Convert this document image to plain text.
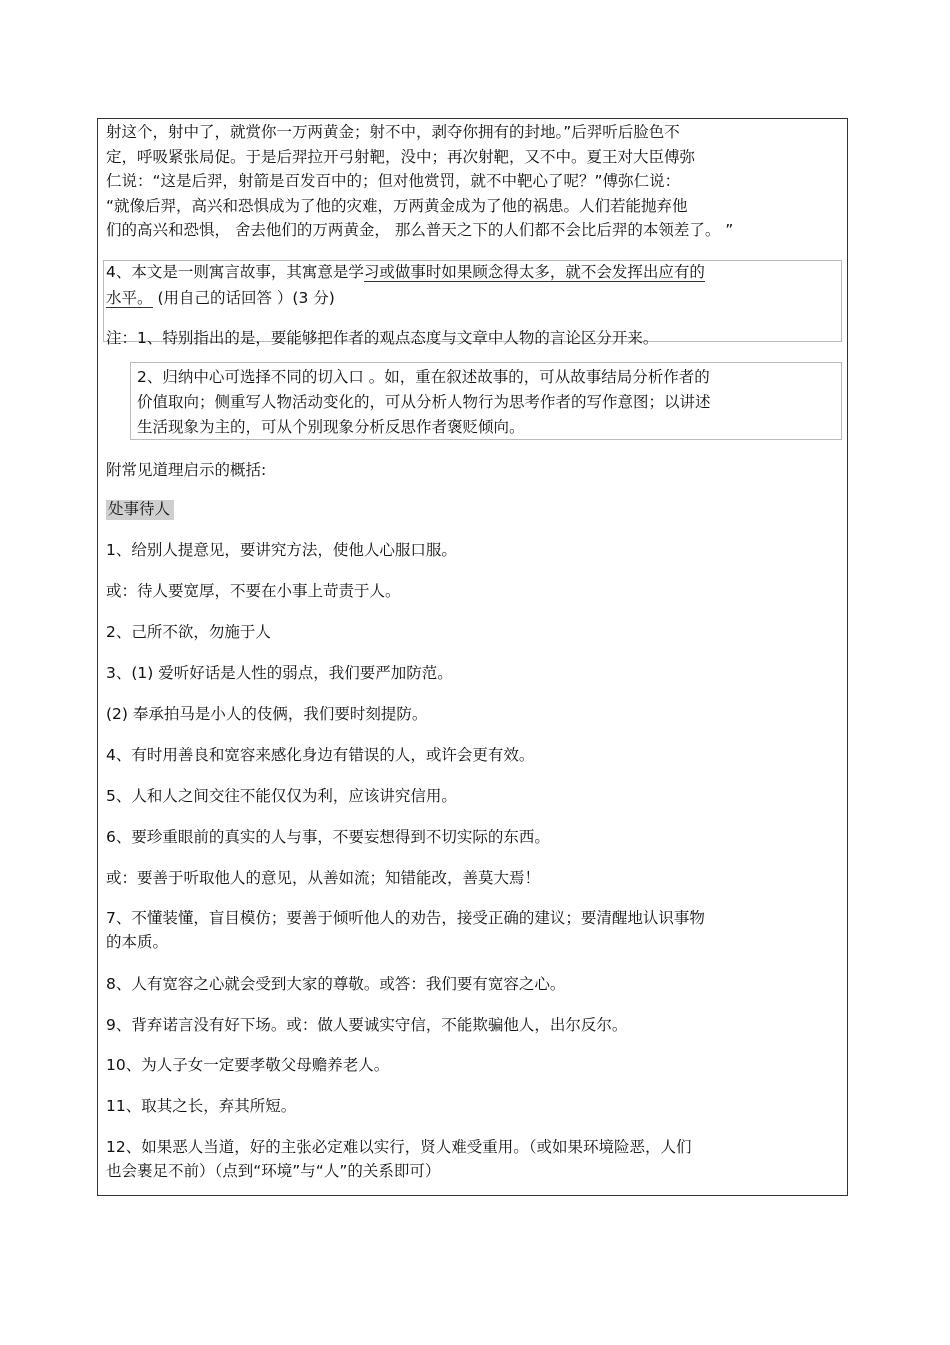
射这个，射中了，就赏你一万两黄金；射不中，剥夺你拥有的封地。”后羿听后脸色不
定，呼吸紧张局促。于是后羿拉开弓射靶，没中；再次射靶，又不中。夏王对大臣傅弥
仁说：“这是后羿，射箭是百发百中的；但对他赏罚，就不中靶心了呢？”傅弥仁说：
“就像后羿，高兴和恐惧成为了他的灾难，万两黄金成为了他的祸患。人们若能抛弃他
们的高兴和恐惧， 舍去他们的万两黄金， 那么普天之下的人们都不会比后羿的本领差了。 ”
4、本文是一则寓言故事，其寓意是学习或做事时如果顾念得太多，就不会发挥出应有的
水平。 (用自己的话回答 ）(3 分)
注：1、特别指出的是，要能够把作者的观点态度与文章中人物的言论区分开来。
2、归纳中心可选择不同的切入口 。如，重在叙述故事的，可从故事结局分析作者的
价值取向；侧重写人物活动变化的，可从分析人物行为思考作者的写作意图；以讲述
生活现象为主的，可从个别现象分析反思作者褒贬倾向。
附常见道理启示的概括:
处事待人
1、给别人提意见，要讲究方法，使他人心服口服。
或：待人要宽厚，不要在小事上苛责于人。
2、己所不欲，勿施于人
3、(1) 爱听好话是人性的弱点，我们要严加防范。
(2) 奉承拍马是小人的伎俩，我们要时刻提防。
4、有时用善良和宽容来感化身边有错误的人，或许会更有效。
5、人和人之间交往不能仅仅为利，应该讲究信用。
6、要珍重眼前的真实的人与事，不要妄想得到不切实际的东西。
或：要善于听取他人的意见，从善如流；知错能改，善莫大焉！
7、不懂装懂，盲目模仿；要善于倾听他人的劝告，接受正确的建议；要清醒地认识事物
的本质。
8、人有宽容之心就会受到大家的尊敬。或答：我们要有宽容之心。
9、背弃诺言没有好下场。或：做人要诚实守信，不能欺骗他人，出尔反尔。
10、为人子女一定要孝敬父母赡养老人。
11、取其之长，弃其所短。
12、如果恶人当道，好的主张必定难以实行，贤人难受重用。（或如果环境险恶，人们
也会裹足不前）（点到“环境”与“人”的关系即可）
